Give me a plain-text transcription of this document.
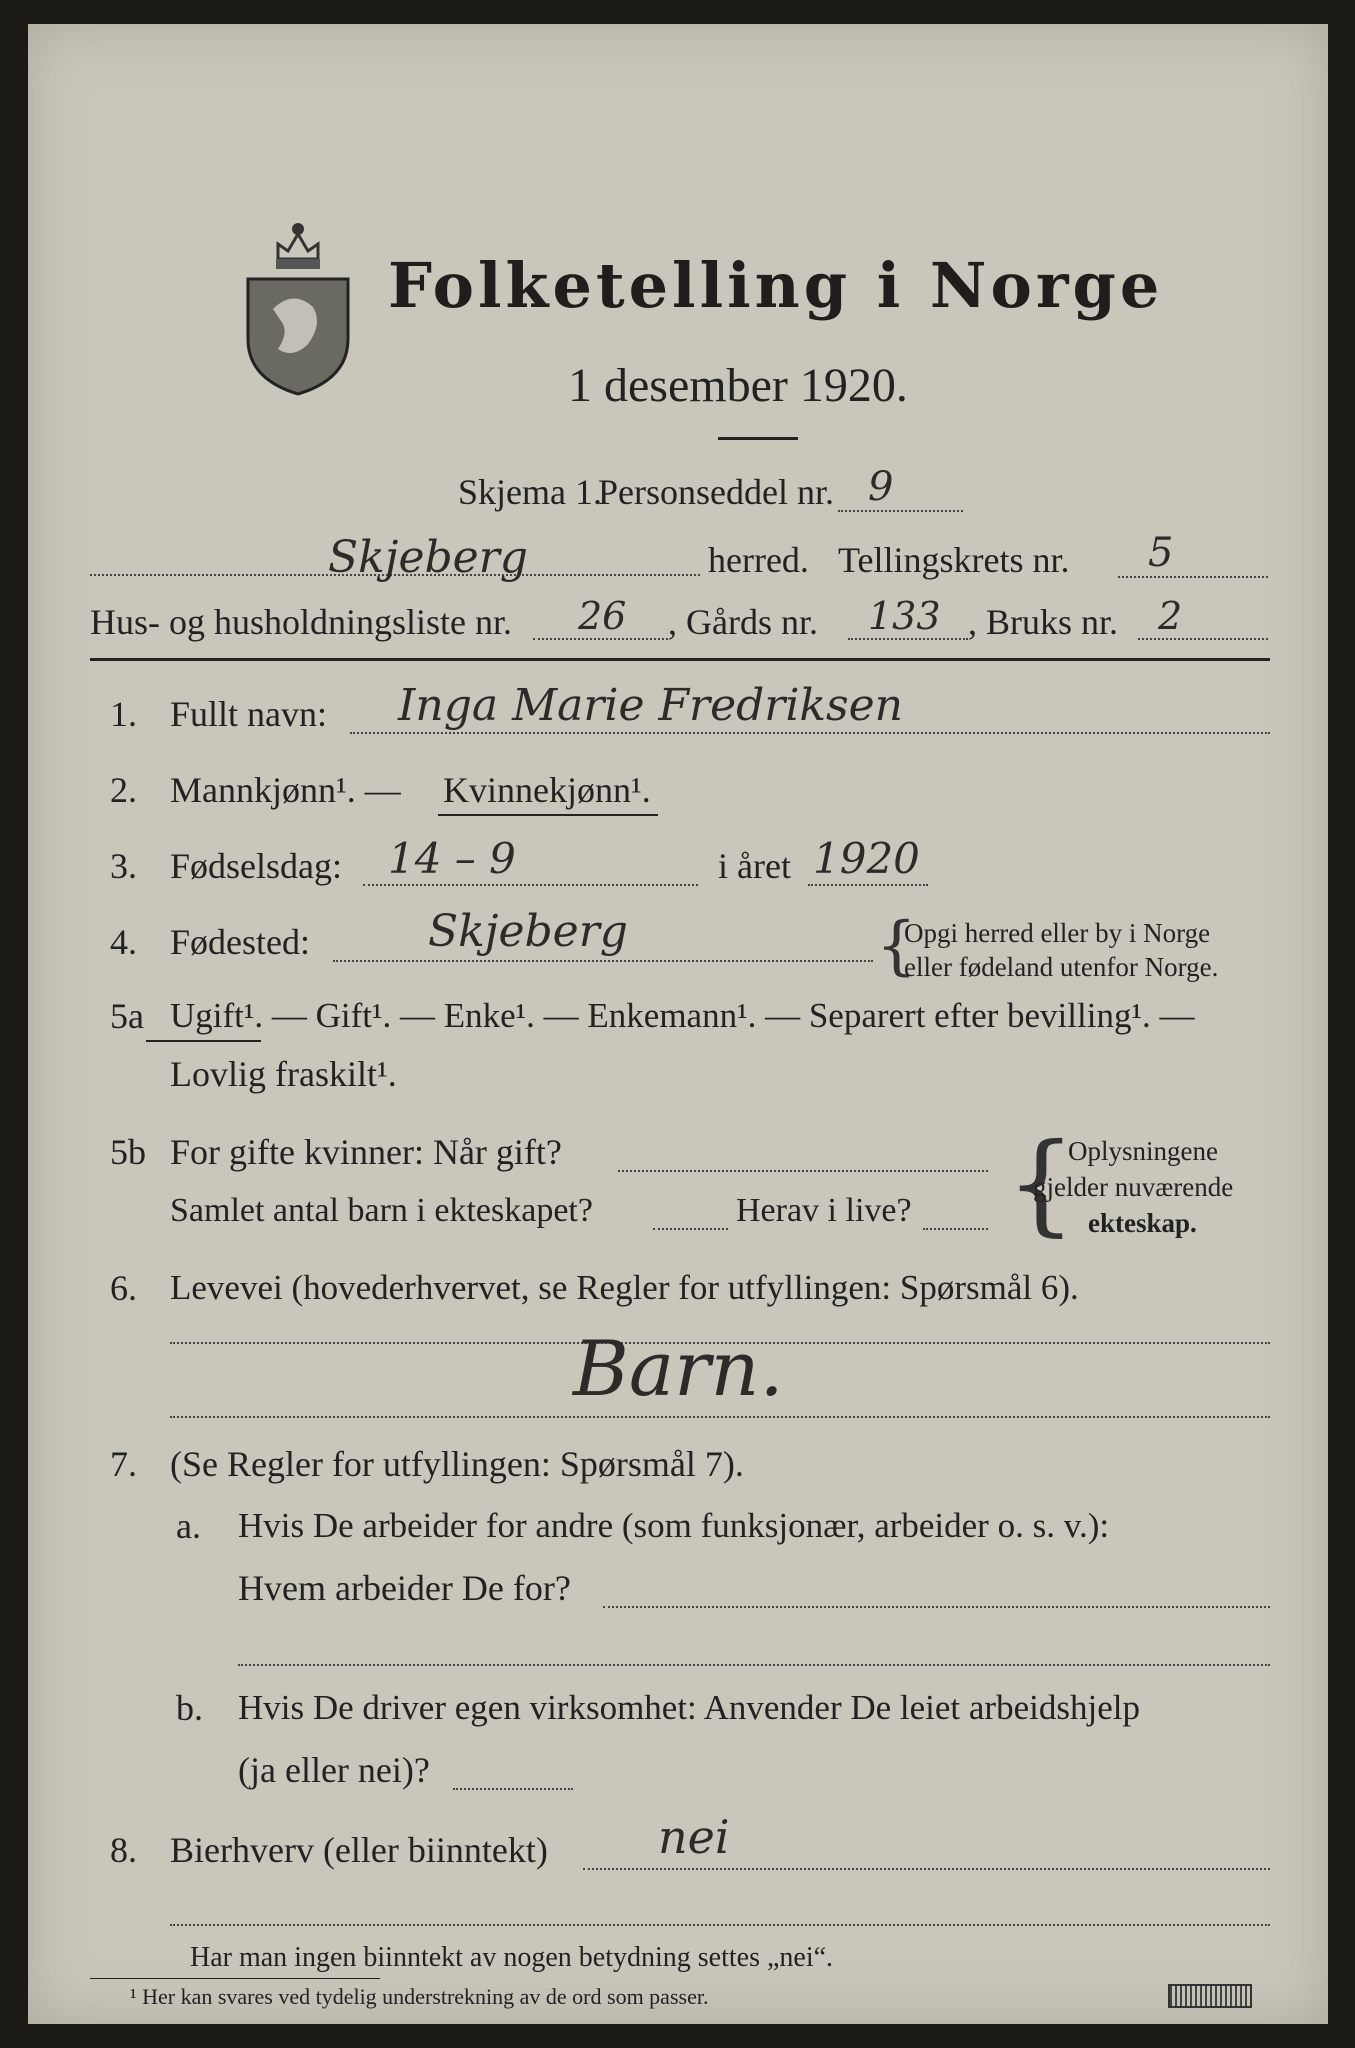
Folketelling i Norge
1 desember 1920.
Skjema 1.
Personseddel nr. 9
Skjeberg	herred. Tellingskrets nr. 5
Hus- og husholdningsliste nr. 26 , Gårds nr. 133 , Bruks nr. 2
1. Fullt navn: Inga Marie Fredriksen
2. Mannkjønn¹. — Kvinnekjønn¹.
3. Fødselsdag: 14 – 9	i året 1920
4. Fødested:	Skjeberg	{
Opgi herred eller by i Norge
eller fødeland utenfor Norge.
5a Ugift¹. — Gift¹. — Enke¹. — Enkemann¹. — Separert efter bevilling¹. —
Lovlig fraskilt¹.
5b For gifte kvinner: Når gift?
Samlet antal barn i ekteskapet?	Herav i live? {
Oplysningene
gjelder nuværende
ekteskap.
6. Levevei (hovederhvervet, se Regler for utfyllingen: Spørsmål 6).
Barn.
7. (Se Regler for utfyllingen: Spørsmål 7).
a. Hvis De arbeider for andre (som funksjonær, arbeider o. s. v.):
Hvem arbeider De for?
b. Hvis De driver egen virksomhet: Anvender De leiet arbeidshjelp
(ja eller nei)?
8. Bierhverv (eller biinntekt) nei
Har man ingen biinntekt av nogen betydning settes „nei“.
¹ Her kan svares ved tydelig understrekning av de ord som passer.
